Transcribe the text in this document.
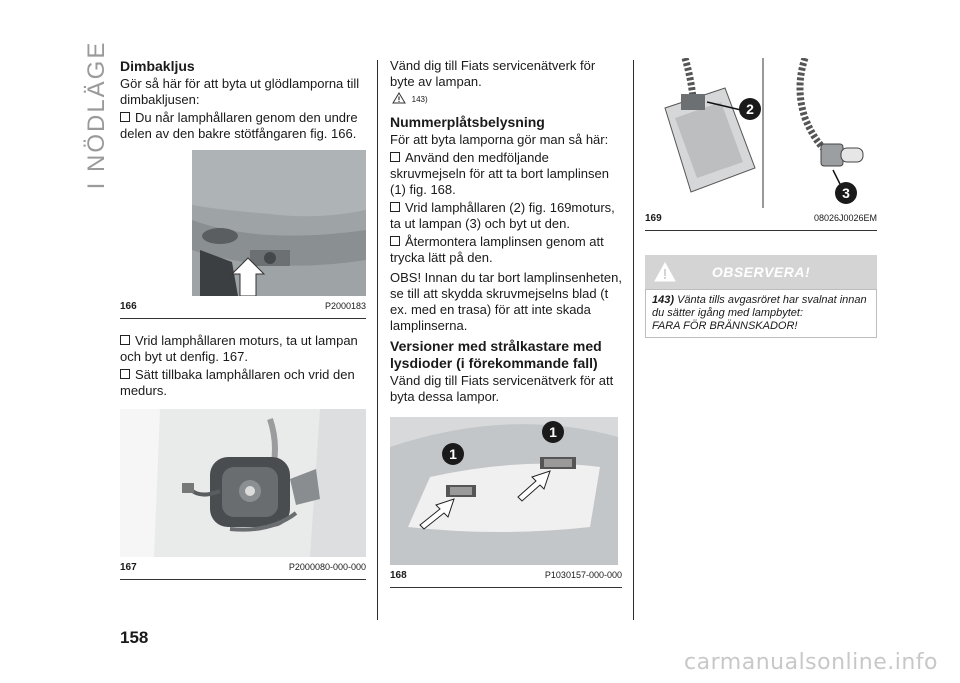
I NÖDLÄGE Dimbakljus

Gör så här för att byta ut glödlamporna till dimbakljusen:

Du når lamphållaren genom den undre delen av den bakre stötfångaren fig. 166.

166	P2000183

Vrid lamphållaren moturs, ta ut lampan och byt ut denfig. 167.

Sätt tillbaka lamphållaren och vrid den medurs.

167	P2000080-000-000

Vänd dig till Fiats servicenätverk för byte av lampan.

143)

Nummerplåtsbelysning

För att byta lamporna gör man så här:

Använd den medföljande skruvmejseln för att ta bort lamplinsen (1) fig. 168.

Vrid lamphållaren (2) fig. 169moturs, ta ut lampan (3) och byt ut den.

Återmontera lamplinsen genom att trycka lätt på den.

OBS! Innan du tar bort lamplinsenheten, se till att skydda skruvmejselns blad (t ex. med en trasa) för att inte skada lamplinserna.

Versioner med strålkastare med lysdioder (i förekommande fall)

Vänd dig till Fiats servicenätverk för att byta dessa lampor.

1
1
168	P1030157-000-000
2
3
169	08026J0026EM
OBSERVERA!
143) Vänta tills avgasröret har svalnat innan du sätter igång med lampbytet:
FARA FÖR BRÄNNSKADOR!
158
carmanualsonline.info
